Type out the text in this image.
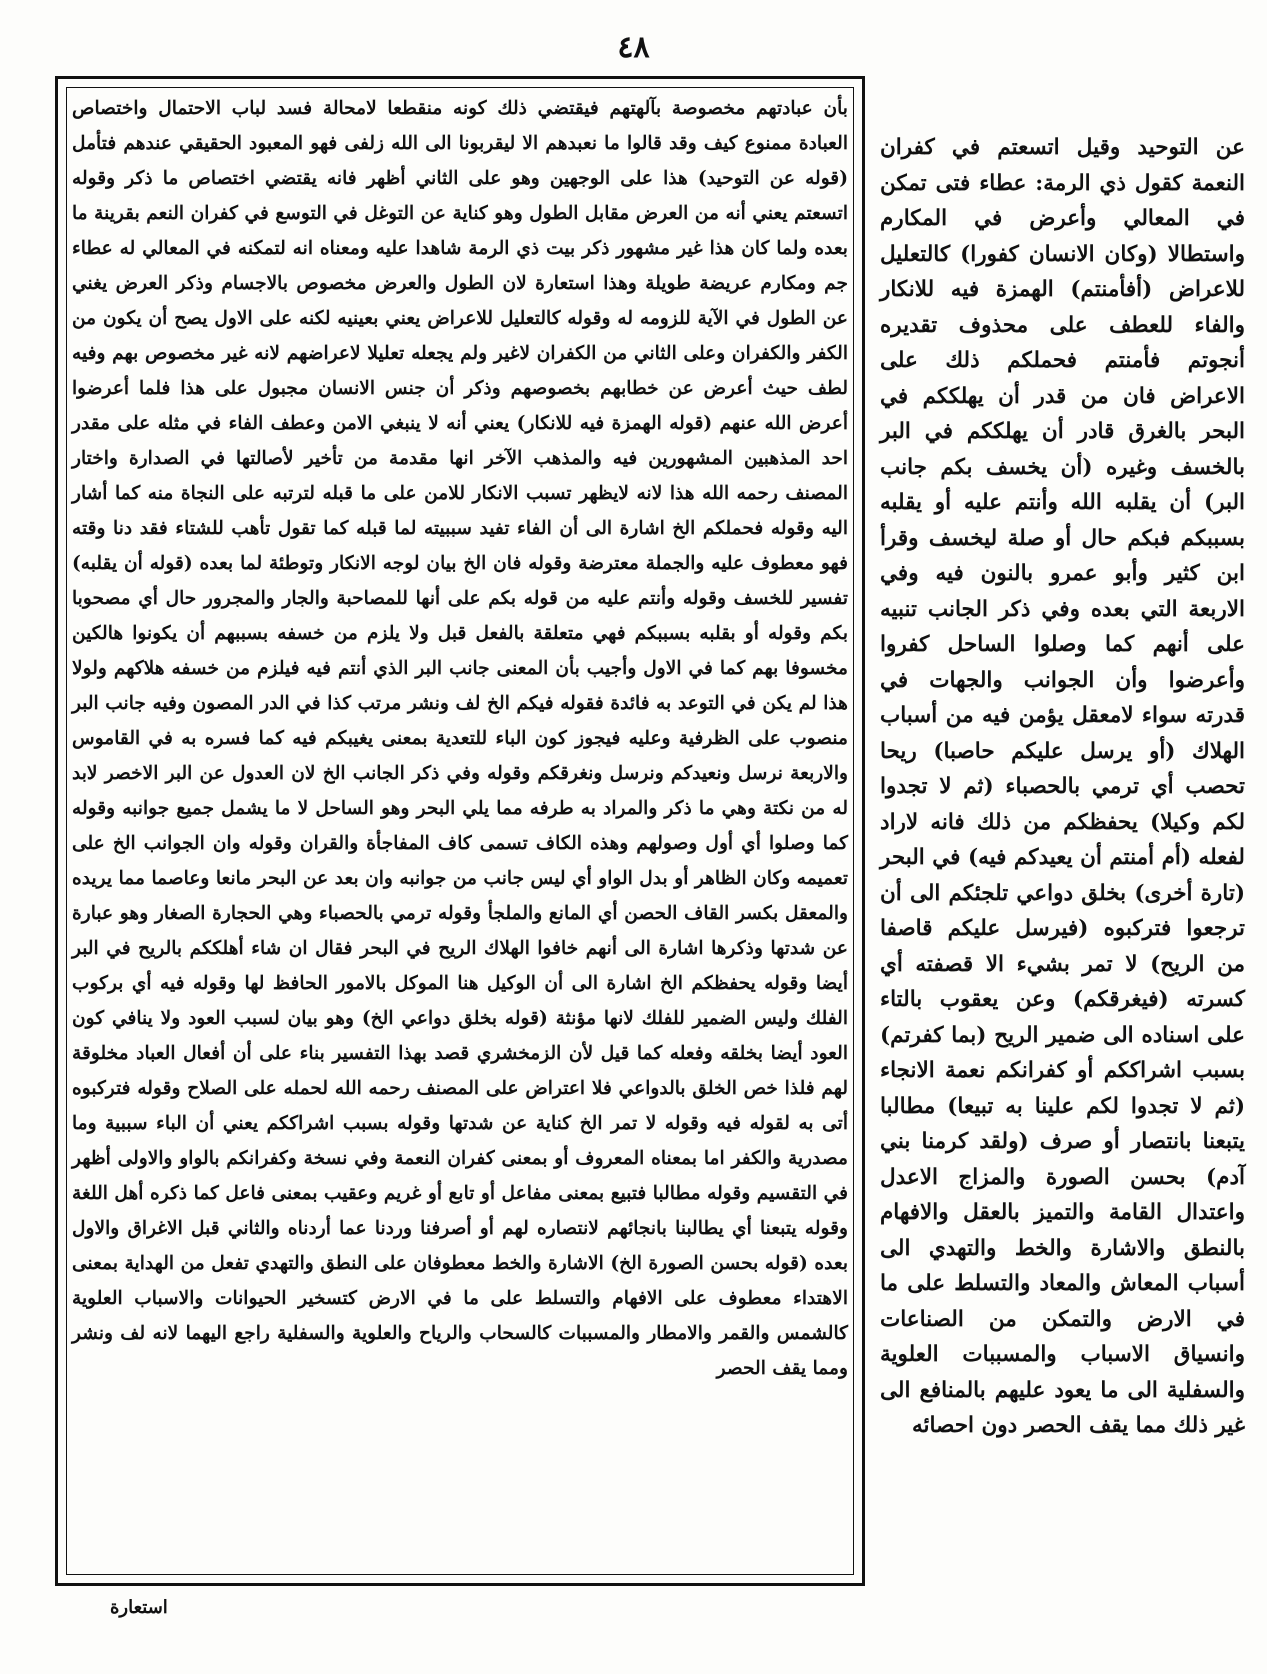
٤٨

بأن عبادتهم مخصوصة بآلهتهم فيقتضي ذلك كونه منقطعا لامحالة فسد لباب الاحتمال واختصاص العبادة ممنوع كيف وقد قالوا ما نعبدهم الا ليقربونا الى الله زلفى فهو المعبود الحقيقي عندهم فتأمل (قوله عن التوحيد) هذا على الوجهين وهو على الثاني أظهر فانه يقتضي اختصاص ما ذكر وقوله اتسعتم يعني أنه من العرض مقابل الطول وهو كناية عن التوغل في التوسع في كفران النعم بقرينة ما بعده ولما كان هذا غير مشهور ذكر بيت ذي الرمة شاهدا عليه ومعناه انه لتمكنه في المعالي له عطاء جم ومكارم عريضة طويلة وهذا استعارة لان الطول والعرض مخصوص بالاجسام وذكر العرض يغني عن الطول في الآية للزومه له وقوله كالتعليل للاعراض يعني بعينيه لكنه على الاول يصح أن يكون من الكفر والكفران وعلى الثاني من الكفران لاغير ولم يجعله تعليلا لاعراضهم لانه غير مخصوص بهم وفيه لطف حيث أعرض عن خطابهم بخصوصهم وذكر أن جنس الانسان مجبول على هذا فلما أعرضوا أعرض الله عنهم (قوله الهمزة فيه للانكار) يعني أنه لا ينبغي الامن وعطف الفاء في مثله على مقدر احد المذهبين المشهورين فيه والمذهب الآخر انها مقدمة من تأخير لأصالتها في الصدارة واختار المصنف رحمه الله هذا لانه لايظهر تسبب الانكار للامن على ما قبله لترتبه على النجاة منه كما أشار اليه وقوله فحملكم الخ اشارة الى أن الفاء تفيد سببيته لما قبله كما تقول تأهب للشتاء فقد دنا وقته فهو معطوف عليه والجملة معترضة وقوله فان الخ بيان لوجه الانكار وتوطئة لما بعده (قوله أن يقلبه) تفسير للخسف وقوله وأنتم عليه من قوله بكم على أنها للمصاحبة والجار والمجرور حال أي مصحوبا بكم وقوله أو بقلبه بسببكم فهي متعلقة بالفعل قبل ولا يلزم من خسفه بسببهم أن يكونوا هالكين مخسوفا بهم كما في الاول وأجيب بأن المعنى جانب البر الذي أنتم فيه فيلزم من خسفه هلاكهم ولولا هذا لم يكن في التوعد به فائدة فقوله فيكم الخ لف ونشر مرتب كذا في الدر المصون وفيه جانب البر منصوب على الظرفية وعليه فيجوز كون الباء للتعدية بمعنى يغيبكم فيه كما فسره به في القاموس والاربعة نرسل ونعيدكم ونرسل ونغرقكم وقوله وفي ذكر الجانب الخ لان العدول عن البر الاخصر لابد له من نكتة وهي ما ذكر والمراد به طرفه مما يلي البحر وهو الساحل لا ما يشمل جميع جوانبه وقوله كما وصلوا أي أول وصولهم وهذه الكاف تسمى كاف المفاجأة والقران وقوله وان الجوانب الخ على تعميمه وكان الظاهر أو بدل الواو أي ليس جانب من جوانبه وان بعد عن البحر مانعا وعاصما مما يريده والمعقل بكسر القاف الحصن أي المانع والملجأ وقوله ترمي بالحصباء وهي الحجارة الصغار وهو عبارة عن شدتها وذكرها اشارة الى أنهم خافوا الهلاك الريح في البحر فقال ان شاء أهلككم بالريح في البر أيضا وقوله يحفظكم الخ اشارة الى أن الوكيل هنا الموكل بالامور الحافظ لها وقوله فيه أي بركوب الفلك وليس الضمير للفلك لانها مؤنثة (قوله بخلق دواعي الخ) وهو بيان لسبب العود ولا ينافي كون العود أيضا بخلقه وفعله كما قيل لأن الزمخشري قصد بهذا التفسير بناء على أن أفعال العباد مخلوقة لهم فلذا خص الخلق بالدواعي فلا اعتراض على المصنف رحمه الله لحمله على الصلاح وقوله فتركبوه أتى به لقوله فيه وقوله لا تمر الخ كناية عن شدتها وقوله بسبب اشراككم يعني أن الباء سببية وما مصدرية والكفر اما بمعناه المعروف أو بمعنى كفران النعمة وفي نسخة وكفرانكم بالواو والاولى أظهر في التقسيم وقوله مطالبا فتبيع بمعنى مفاعل أو تابع أو غريم وعقيب بمعنى فاعل كما ذكره أهل اللغة وقوله يتبعنا أي يطالبنا بانجائهم لانتصاره لهم أو أصرفنا وردنا عما أردناه والثاني قبل الاغراق والاول بعده (قوله بحسن الصورة الخ) الاشارة والخط معطوفان على النطق والتهدي تفعل من الهداية بمعنى الاهتداء معطوف على الافهام والتسلط على ما في الارض كتسخير الحيوانات والاسباب العلوية كالشمس والقمر والامطار والمسببات كالسحاب والرياح والعلوية والسفلية راجع اليهما لانه لف ونشر ومما يقف الحصر

عن التوحيد وقيل اتسعتم في كفران النعمة كقول ذي الرمة: عطاء فتى تمكن في المعالي وأعرض في المكارم واستطالا (وكان الانسان كفورا) كالتعليل للاعراض (أفأمنتم) الهمزة فيه للانكار والفاء للعطف على محذوف تقديره أنجوتم فأمنتم فحملكم ذلك على الاعراض فان من قدر أن يهلككم في البحر بالغرق قادر أن يهلككم في البر بالخسف وغيره (أن يخسف بكم جانب البر) أن يقلبه الله وأنتم عليه أو يقلبه بسببكم فبكم حال أو صلة ليخسف وقرأ ابن كثير وأبو عمرو بالنون فيه وفي الاربعة التي بعده وفي ذكر الجانب تنبيه على أنهم كما وصلوا الساحل كفروا وأعرضوا وأن الجوانب والجهات في قدرته سواء لامعقل يؤمن فيه من أسباب الهلاك (أو يرسل عليكم حاصبا) ريحا تحصب أي ترمي بالحصباء (ثم لا تجدوا لكم وكيلا) يحفظكم من ذلك فانه لاراد لفعله (أم أمنتم أن يعيدكم فيه) في البحر (تارة أخرى) بخلق دواعي تلجئكم الى أن ترجعوا فتركبوه (فيرسل عليكم قاصفا من الريح) لا تمر بشيء الا قصفته أي كسرته (فيغرقكم) وعن يعقوب بالتاء على اسناده الى ضمير الريح (بما كفرتم) بسبب اشراككم أو كفرانكم نعمة الانجاء (ثم لا تجدوا لكم علينا به تبيعا) مطالبا يتبعنا بانتصار أو صرف (ولقد كرمنا بني آدم) بحسن الصورة والمزاج الاعدل واعتدال القامة والتميز بالعقل والافهام بالنطق والاشارة والخط والتهدي الى أسباب المعاش والمعاد والتسلط على ما في الارض والتمكن من الصناعات وانسياق الاسباب والمسببات العلوية والسفلية الى ما يعود عليهم بالمنافع الى غير ذلك مما يقف الحصر دون احصائه

استعارة
